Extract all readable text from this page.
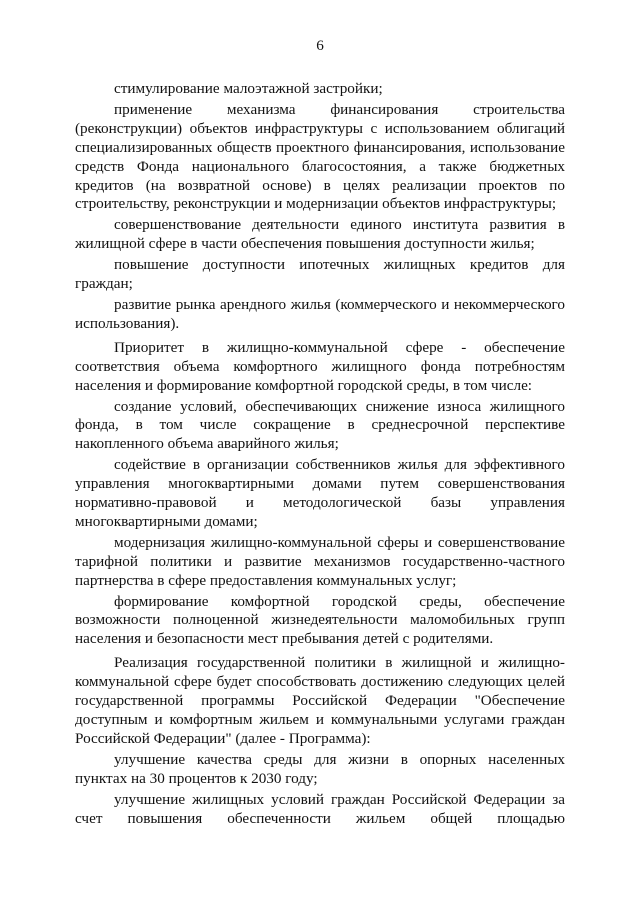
6

стимулирование малоэтажной застройки;

применение механизма финансирования строительства (реконструкции) объектов инфраструктуры с использованием облигаций специализированных обществ проектного финансирования, использование средств Фонда национального благосостояния, а также бюджетных кредитов (на возвратной основе) в целях реализации проектов по строительству, реконструкции и модернизации объектов инфраструктуры;

совершенствование деятельности единого института развития в жилищной сфере в части обеспечения повышения доступности жилья;

повышение доступности ипотечных жилищных кредитов для граждан;

развитие рынка арендного жилья (коммерческого и некоммерческого использования).

Приоритет в жилищно-коммунальной сфере - обеспечение соответствия объема комфортного жилищного фонда потребностям населения и формирование комфортной городской среды, в том числе:

создание условий, обеспечивающих снижение износа жилищного фонда, в том числе сокращение в среднесрочной перспективе накопленного объема аварийного жилья;

содействие в организации собственников жилья для эффективного управления многоквартирными домами путем совершенствования нормативно-правовой и методологической базы управления многоквартирными домами;

модернизация жилищно-коммунальной сферы и совершенствование тарифной политики и развитие механизмов государственно-частного партнерства в сфере предоставления коммунальных услуг;

формирование комфортной городской среды, обеспечение возможности полноценной жизнедеятельности маломобильных групп населения и безопасности мест пребывания детей с родителями.

Реализация государственной политики в жилищной и жилищно-коммунальной сфере будет способствовать достижению следующих целей государственной программы Российской Федерации "Обеспечение доступным и комфортным жильем и коммунальными услугами граждан Российской Федерации" (далее - Программа):

улучшение качества среды для жизни в опорных населенных пунктах на 30 процентов к 2030 году;

улучшение жилищных условий граждан Российской Федерации за счет повышения обеспеченности жильем общей площадью
